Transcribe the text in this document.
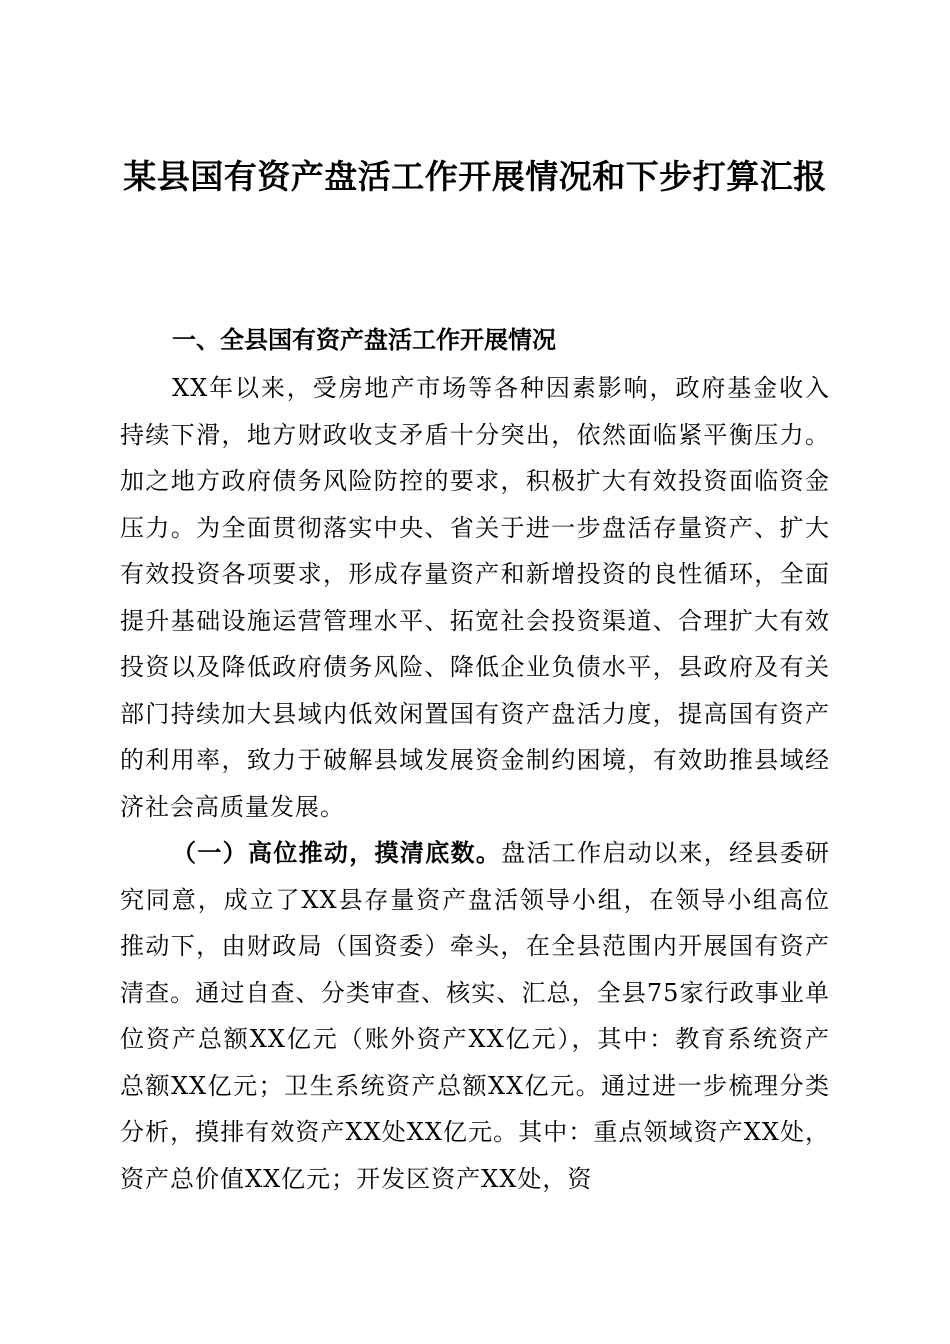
某县国有资产盘活工作开展情况和下步打算汇报

一、全县国有资产盘活工作开展情况

XX年以来，受房地产市场等各种因素影响，政府基金收入持续下滑，地方财政收支矛盾十分突出，依然面临紧平衡压力。加之地方政府债务风险防控的要求，积极扩大有效投资面临资金压力。为全面贯彻落实中央、省关于进一步盘活存量资产、扩大有效投资各项要求，形成存量资产和新增投资的良性循环，全面提升基础设施运营管理水平、拓宽社会投资渠道、合理扩大有效投资以及降低政府债务风险、降低企业负债水平，县政府及有关部门持续加大县域内低效闲置国有资产盘活力度，提高国有资产的利用率，致力于破解县域发展资金制约困境，有效助推县域经济社会高质量发展。

（一）高位推动，摸清底数。盘活工作启动以来，经县委研究同意，成立了XX县存量资产盘活领导小组，在领导小组高位推动下，由财政局（国资委）牵头，在全县范围内开展国有资产清查。通过自查、分类审查、核实、汇总，全县75家行政事业单位资产总额XX亿元（账外资产XX亿元），其中：教育系统资产总额XX亿元；卫生系统资产总额XX亿元。通过进一步梳理分类分析，摸排有效资产XX处XX亿元。其中：重点领域资产XX处，资产总价值XX亿元；开发区资产XX处，资
